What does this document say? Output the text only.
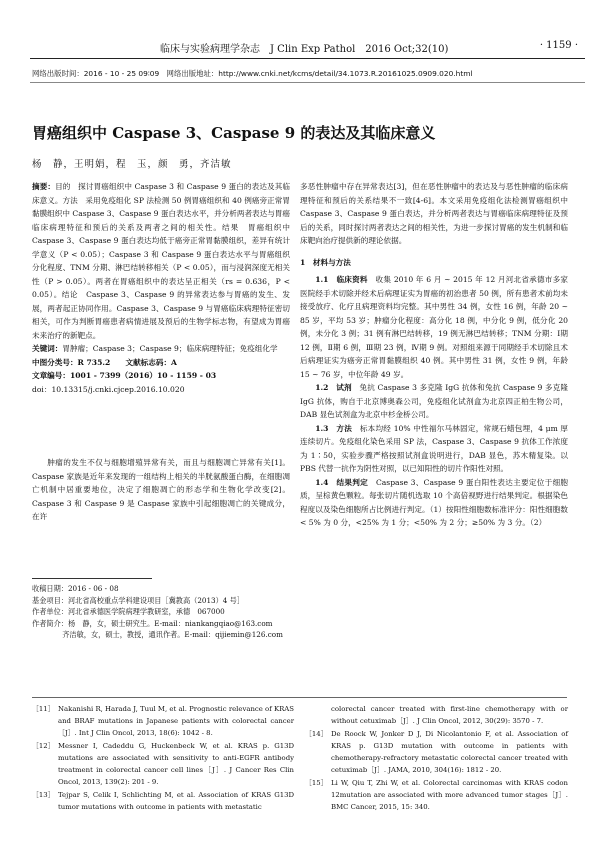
临床与实验病理学杂志　J Clin Exp Pathol　2016 Oct;32(10)	· 1159 ·
网络出版时间：2016 - 10 - 25 09∶09　网络出版地址：http://www.cnki.net/kcms/detail/34.1073.R.20161025.0909.020.html
胃癌组织中 Caspase 3、Caspase 9 的表达及其临床意义
杨　静，王明娟，程　玉，颜　勇，齐洁敏

摘要：目的　探讨胃癌组织中 Caspase 3 和 Caspase 9 蛋白的表达及其临床意义。方法　采用免疫组化 SP 法检测 50 例胃癌组织和 40 例癌旁正常胃黏膜组织中 Caspase 3、Caspase 9 蛋白表达水平，并分析两者表达与胃癌临床病理特征和预后的关系及两者之间的相关性。结果　胃癌组织中 Caspase 3、Caspase 9 蛋白表达均低于癌旁正常胃黏膜组织，差异有统计学意义（P < 0.05）；Caspase 3 和 Caspase 9 蛋白表达水平与胃癌组织分化程度、TNM 分期、淋巴结转移相关（P < 0.05），而与浸润深度无相关性（P > 0.05）。两者在胃癌组织中的表达呈正相关（rs = 0.636，P < 0.05）。结论　Caspase 3、Caspase 9 的异常表达参与胃癌的发生、发展，两者起正协同作用。Caspase 3、Caspase 9 与胃癌临床病理特征密切相关，可作为判断胃癌患者病情进展及预后的生物学标志物，有望成为胃癌未来治疗的新靶点。

关键词：胃肿瘤；Caspase 3；Caspase 9；临床病理特征；免疫组化学

中图分类号：R 735.2　　文献标志码：A

文章编号：1001 - 7399（2016）10 - 1159 - 03

doi：10.13315/j.cnki.cjcep.2016.10.020

肿瘤的发生不仅与细胞增殖异常有关，而且与细胞凋亡异常有关[1]。Caspase 家族是近年来发现的一组结构上相关的半胱氨酸蛋白酶，在细胞凋亡机制中居重要地位，决定了细胞凋亡的形态学和生物化学改变[2]。Caspase 3 和 Caspase 9 是 Caspase 家族中引起细胞凋亡的关键成分，在许

收稿日期：2016 - 06 - 08

基金项目：河北省高校重点学科建设项目［冀教高（2013）4 号］

作者单位：河北省承德医学院病理学教研室，承德　067000

作者简介：杨　静，女，硕士研究生。E-mail：niankangqiao@163.com

齐洁敏，女，硕士，教授，通讯作者。E-mail：qijiemin@126.com

多恶性肿瘤中存在异常表达[3]，但在恶性肿瘤中的表达及与恶性肿瘤的临床病理特征和预后的关系结果不一致[4-6]。本文采用免疫组化法检测胃癌组织中 Caspase 3、Caspase 9 蛋白表达，并分析两者表达与胃癌临床病理特征及预后的关系，同时探讨两者表达之间的相关性，为进一步探讨胃癌的发生机制和临床靶向治疗提供新的理论依据。

1　材料与方法

1.1　临床资料　 收集 2010 年 6 月 ~ 2015 年 12 月河北省承德市多家医院经手术切除并经术后病理证实为胃癌的初治患者 50 例，所有患者术前均未接受放疗、化疗且病理资料均完整。其中男性 34 例，女性 16 例，年龄 20 ~ 85 岁，平均 53 岁；肿瘤分化程度：高分化 18 例，中分化 9 例，低分化 20 例，未分化 3 例；31 例有淋巴结转移，19 例无淋巴结转移；TNM 分期：Ⅰ期 12 例，Ⅱ期 6 例，Ⅲ期 23 例，Ⅳ期 9 例。对照组来源于同期经手术切除且术后病理证实为癌旁正常胃黏膜组织 40 例。其中男性 31 例，女性 9 例，年龄 15 ~ 76 岁，中位年龄 49 岁。

1.2　试剂　 兔抗 Caspase 3 多克隆 IgG 抗体和兔抗 Caspase 9 多克隆 IgG 抗体，购自于北京博奥森公司，免疫组化试剂盒为北京四正柏生物公司，DAB 显色试剂盒为北京中杉金桥公司。

1.3　方法　 标本均经 10% 中性福尔马林固定，常规石蜡包埋，4 μm 厚连续切片。免疫组化染色采用 SP 法，Caspase 3、Caspase 9 抗体工作浓度为 1∶50，实验步骤严格按照试剂盒说明进行，DAB 显色，苏木精复染。以 PBS 代替一抗作为阴性对照，以已知阳性的切片作阳性对照。

1.4　结果判定　 Caspase 3、Caspase 9 蛋白阳性表达主要定位于细胞质，呈棕黄色颗粒。每张切片随机选取 10 个高倍视野进行结果判定。根据染色程度以及染色细胞所占比例进行判定。（1）按阳性细胞数标准评分：阳性细胞数 < 5% 为 0 分，<25% 为 1 分；<50% 为 2 分；≥50% 为 3 分。（2）

［11］ Nakanishi R, Harada J, Tuul M, et al. Prognostic relevance of KRAS and BRAF mutations in Japanese patients with colorectal cancer［J］. Int J Clin Oncol, 2013, 18(6): 1042 - 8.
［12］ Messner I, Cadeddu G, Huckenbeck W, et al. KRAS p. G13D mutations are associated with sensitivity to anti-EGFR antibody treatment in colorectal cancer cell lines［J］. J Cancer Res Clin Oncol, 2013, 139(2): 201 - 9.
［13］ Tejpar S, Celik I, Schlichting M, et al. Association of KRAS G13D tumor mutations with outcome in patients with metastatic
colorectal cancer treated with first-line chemotherapy with or without cetuximab［J］. J Clin Oncol, 2012, 30(29): 3570 - 7.
［14］ De Roock W, Jonker D J, Di Nicolantonio F, et al. Association of KRAS p. G13D mutation with outcome in patients with chemotherapy-refractory metastatic colorectal cancer treated with cetuximab［J］. JAMA, 2010, 304(16): 1812 - 20.
［15］ Li W, Qiu T, Zhi W, et al. Colorectal carcinomas with KRAS codon 12mutation are associated with more advanced tumor stages［J］. BMC Cancer, 2015, 15: 340.
